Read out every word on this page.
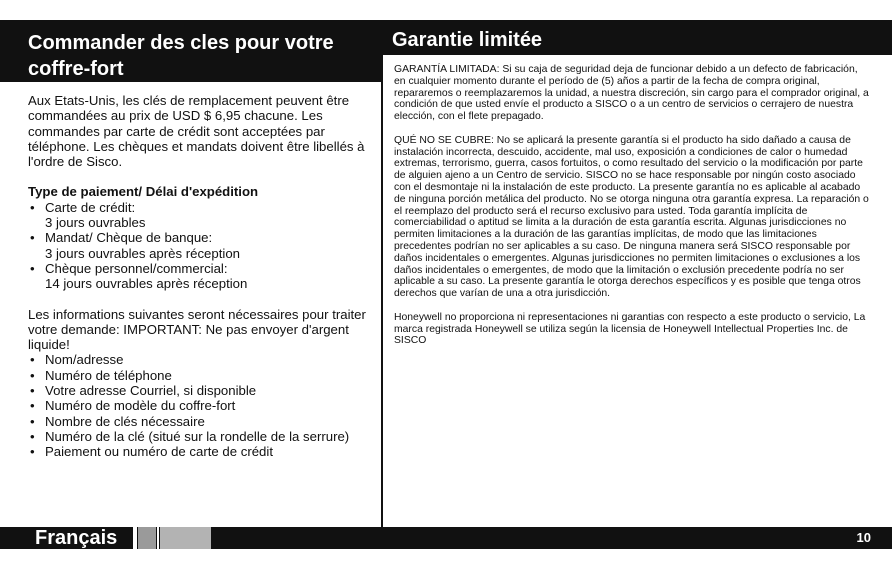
Commander des cles pour votre coffre-fort

Aux Etats-Unis, les clés de remplacement peuvent être commandées au prix de USD $ 6,95 chacune. Les commandes par carte de crédit sont acceptées par téléphone. Les chèques et mandats doivent être libellés à l'ordre de Sisco.

Type de paiement/ Délai d'expédition

• Carte de crédit:
3 jours ouvrables
• Mandat/ Chèque de banque:
3 jours ouvrables après réception
• Chèque personnel/commercial:
14 jours ouvrables après réception

Les informations suivantes seront nécessaires pour traiter votre demande: IMPORTANT: Ne pas envoyer d'argent liquide!

• Nom/adresse
• Numéro de téléphone
• Votre adresse Courriel, si disponible
• Numéro de modèle du coffre-fort
• Nombre de clés nécessaire
• Numéro de la clé (situé sur la rondelle de la serrure)
• Paiement ou numéro de carte de crédit
Garantie limitée

GARANTÍA LIMITADA: Si su caja de seguridad deja de funcionar debido a un defecto de fabricación, en cualquier momento durante el período de (5) años a partir de la fecha de compra original, repararemos o reemplazaremos la unidad, a nuestra discreción, sin cargo para el comprador original, a condición de que usted envíe el producto a SISCO o a un centro de servicios o cerrajero de nuestra elección, con el flete prepagado.

QUÉ NO SE CUBRE: No se aplicará la presente garantía si el producto ha sido dañado a causa de instalación incorrecta, descuido, accidente, mal uso, exposición a condiciones de calor o humedad extremas, terrorismo, guerra, casos fortuitos, o como resultado del servicio o la modificación por parte de alguien ajeno a un Centro de servicio. SISCO no se hace responsable por ningún costo asociado con el desmontaje ni la instalación de este producto. La presente garantía no es aplicable al acabado de ninguna porción metálica del producto. No se otorga ninguna otra garantía expresa. La reparación o el reemplazo del producto será el recurso exclusivo para usted. Toda garantía implícita de comerciabilidad o aptitud se limita a la duración de esta garantía escrita. Algunas jurisdicciones no permiten limitaciones a la duración de las garantías implícitas, de modo que las limitaciones precedentes podrían no ser aplicables a su caso. De ninguna manera será SISCO responsable por daños incidentales o emergentes. Algunas jurisdicciones no permiten limitaciones o exclusiones a los daños incidentales o emergentes, de modo que la limitación o exclusión precedente podría no ser aplicable a su caso. La presente garantía le otorga derechos específicos y es posible que tenga otros derechos que varían de una a otra jurisdicción.

Honeywell no proporciona ni representaciones ni garantias con respecto a este producto o servicio, La marca registrada Honeywell se utiliza según la licensia de Honeywell Intellectual Properties Inc. de SISCO

Français	10
